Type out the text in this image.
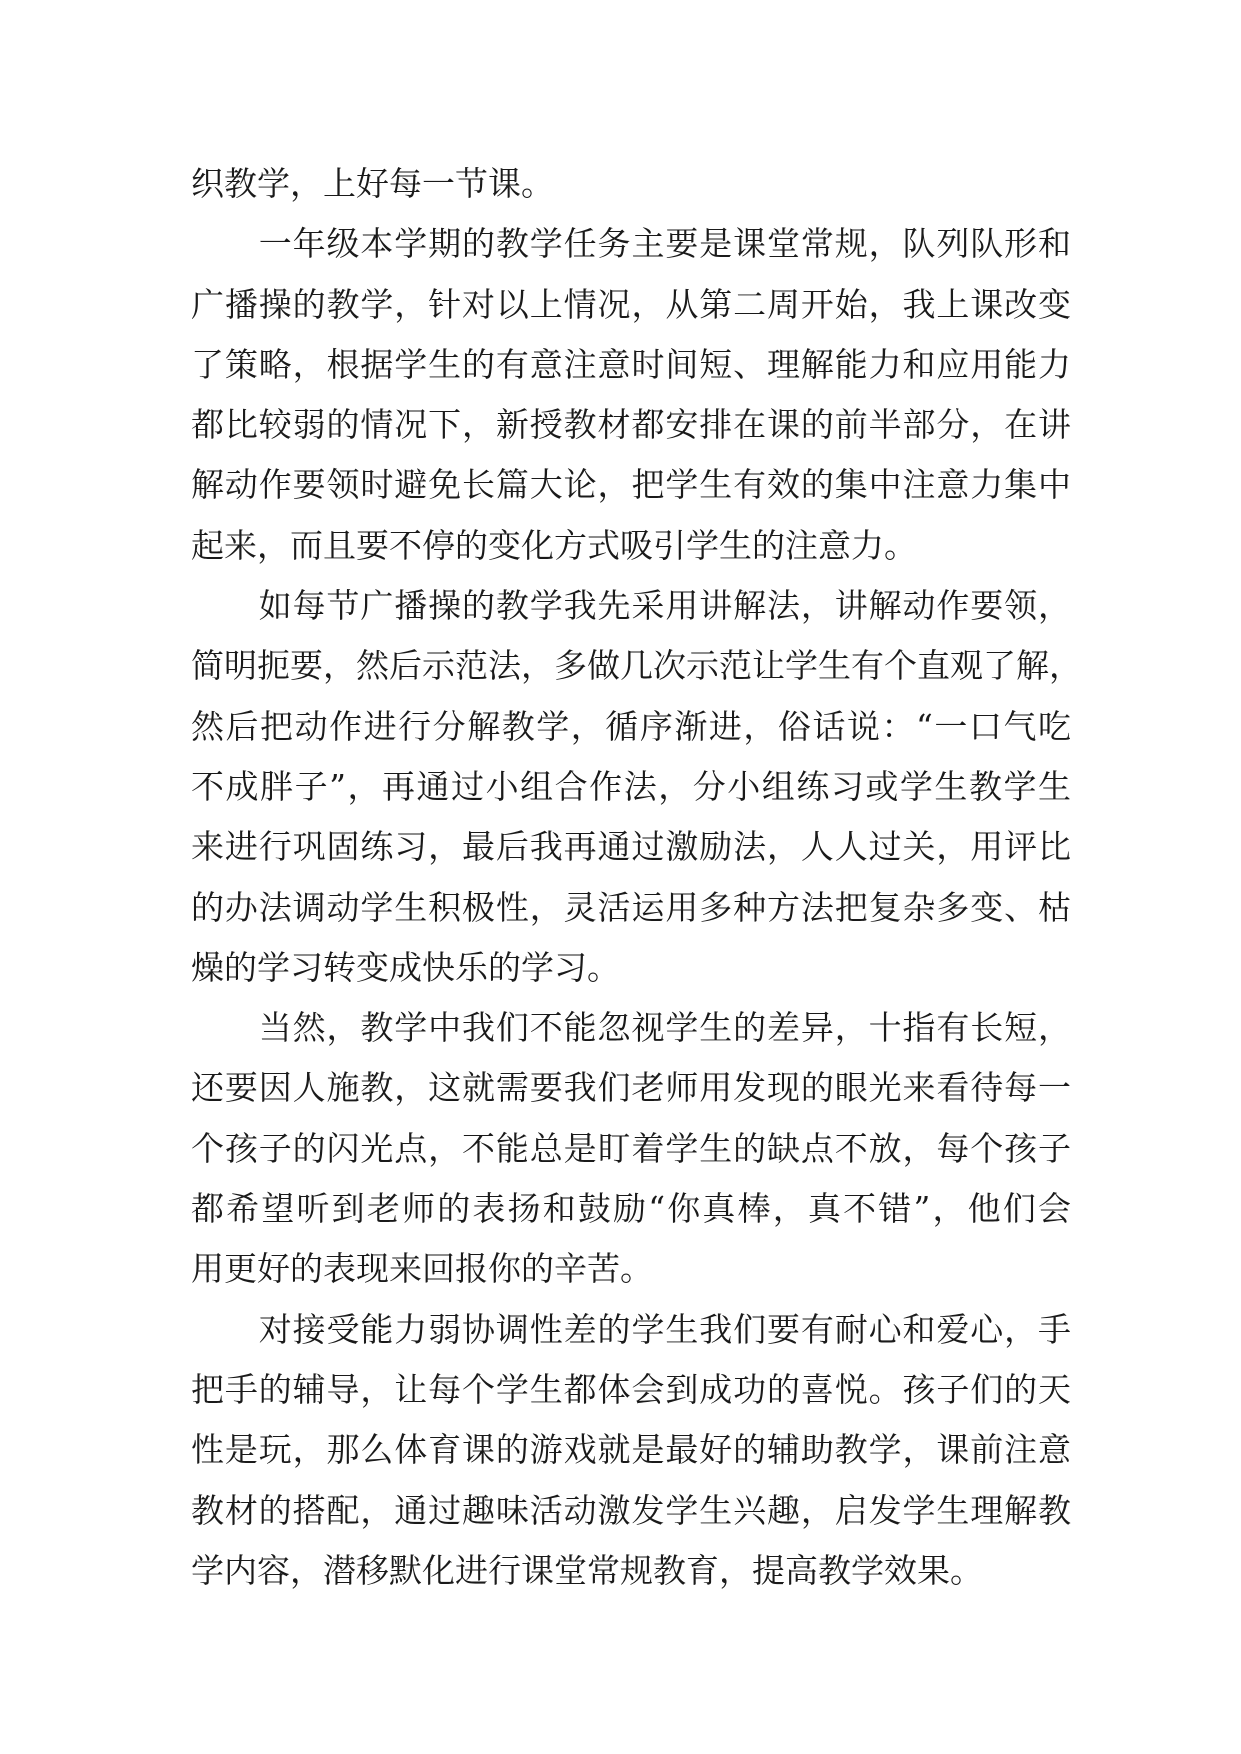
织教学，上好每一节课。
　　一年级本学期的教学任务主要是课堂常规，队列队形和
广播操的教学，针对以上情况，从第二周开始，我上课改变
了策略，根据学生的有意注意时间短、理解能力和应用能力
都比较弱的情况下，新授教材都安排在课的前半部分，在讲
解动作要领时避免长篇大论，把学生有效的集中注意力集中
起来，而且要不停的变化方式吸引学生的注意力。
　　如每节广播操的教学我先采用讲解法，讲解动作要领，
简明扼要，然后示范法，多做几次示范让学生有个直观了解，
然后把动作进行分解教学，循序渐进，俗话说：“一口气吃
不成胖子”，再通过小组合作法，分小组练习或学生教学生
来进行巩固练习，最后我再通过激励法，人人过关，用评比
的办法调动学生积极性，灵活运用多种方法把复杂多变、枯
燥的学习转变成快乐的学习。
　　当然，教学中我们不能忽视学生的差异，十指有长短，
还要因人施教，这就需要我们老师用发现的眼光来看待每一
个孩子的闪光点，不能总是盯着学生的缺点不放，每个孩子
都希望听到老师的表扬和鼓励“你真棒，真不错”，他们会
用更好的表现来回报你的辛苦。
　　对接受能力弱协调性差的学生我们要有耐心和爱心，手
把手的辅导，让每个学生都体会到成功的喜悦。孩子们的天
性是玩，那么体育课的游戏就是最好的辅助教学，课前注意
教材的搭配，通过趣味活动激发学生兴趣，启发学生理解教
学内容，潜移默化进行课堂常规教育，提高教学效果。
